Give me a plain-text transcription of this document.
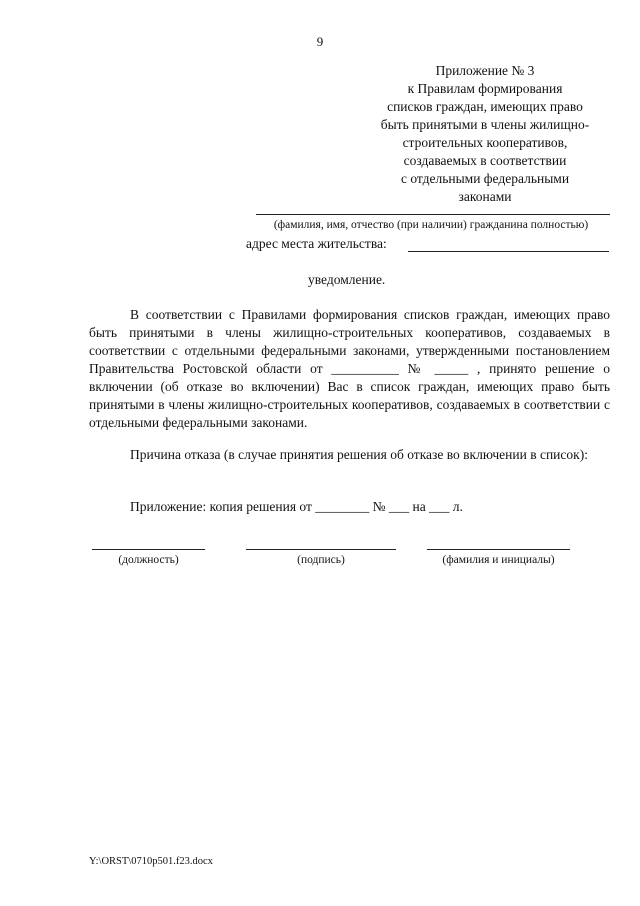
9
Приложение № 3
к Правилам формирования
списков граждан, имеющих право
быть принятыми в члены жилищно-
строительных кооперативов,
создаваемых в соответствии
с отдельными федеральными
законами
(фамилия, имя, отчество (при наличии) гражданина полностью)
адрес места жительства:
уведомление.

В соответствии с Правилами формирования списков граждан, имеющих право быть принятыми в члены жилищно-строительных кооперативов, создаваемых в соответствии с отдельными федеральными законами, утвержденными постановлением Правительства Ростовской области от __________ № _____ , принято решение о включении (об отказе во включении) Вас в список граждан, имеющих право быть принятыми в члены жилищно-строительных кооперативов, создаваемых в соответствии с отдельными федеральными законами.

Причина отказа (в случае принятия решения об отказе во включении в список):

Приложение: копия решения от ________ № ___ на ___ л.
(должность)	(подпись)	(фамилия и инициалы)
Y:\ORST\0710p501.f23.docx
